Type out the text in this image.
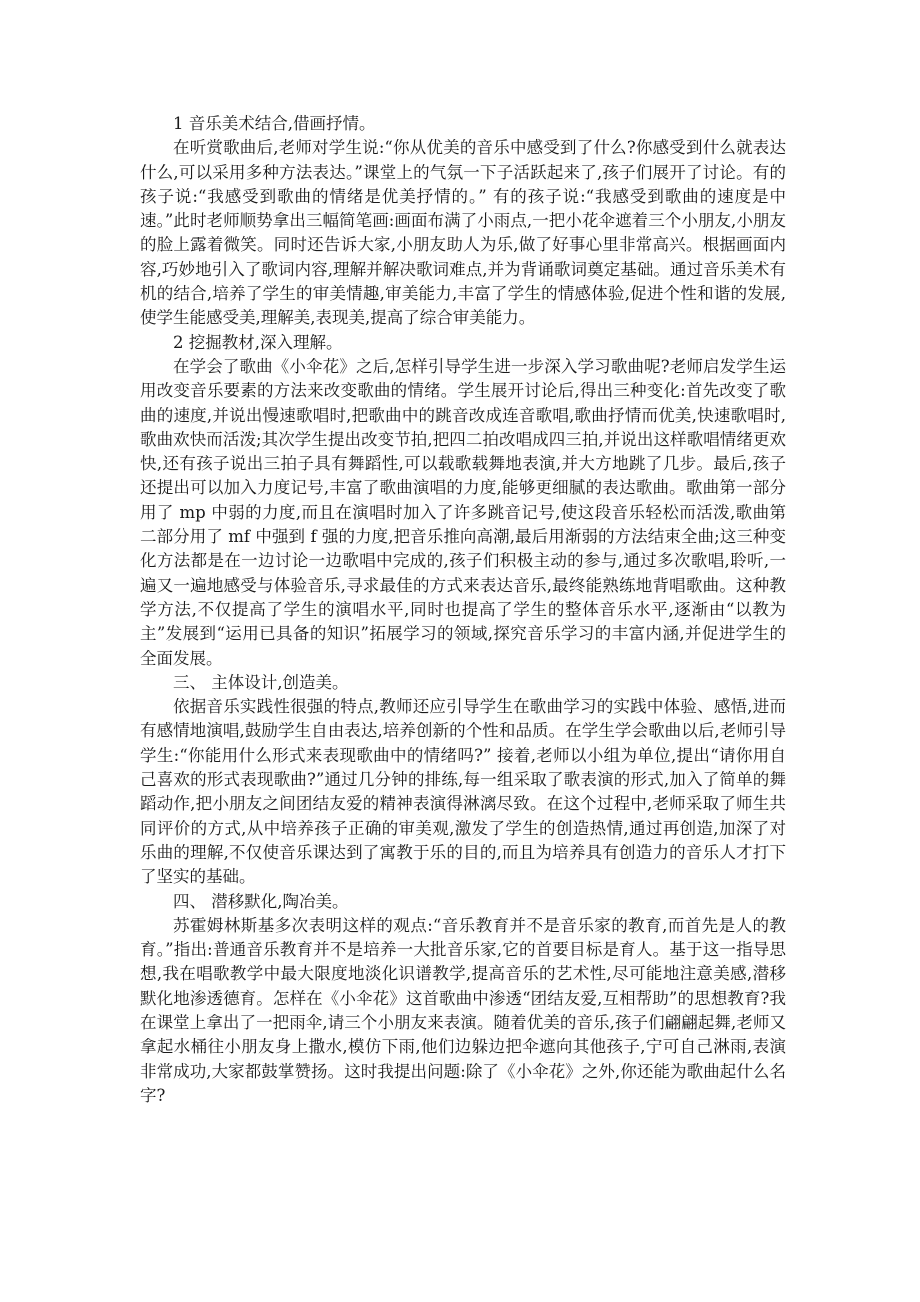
1 音乐美术结合,借画抒情。

在听赏歌曲后,老师对学生说:“你从优美的音乐中感受到了什么?你感受到什么就表达什么,可以采用多种方法表达。”课堂上的气氛一下子活跃起来了,孩子们展开了讨论。有的孩子说:“我感受到歌曲的情绪是优美抒情的。” 有的孩子说:“我感受到歌曲的速度是中速。”此时老师顺势拿出三幅简笔画:画面布满了小雨点,一把小花伞遮着三个小朋友,小朋友的脸上露着微笑。同时还告诉大家,小朋友助人为乐,做了好事心里非常高兴。根据画面内容,巧妙地引入了歌词内容,理解并解决歌词难点,并为背诵歌词奠定基础。通过音乐美术有机的结合,培养了学生的审美情趣,审美能力,丰富了学生的情感体验,促进个性和谐的发展,使学生能感受美,理解美,表现美,提高了综合审美能力。

2 挖掘教材,深入理解。

在学会了歌曲《小伞花》之后,怎样引导学生进一步深入学习歌曲呢?老师启发学生运用改变音乐要素的方法来改变歌曲的情绪。学生展开讨论后,得出三种变化:首先改变了歌曲的速度,并说出慢速歌唱时,把歌曲中的跳音改成连音歌唱,歌曲抒情而优美,快速歌唱时,歌曲欢快而活泼;其次学生提出改变节拍,把四二拍改唱成四三拍,并说出这样歌唱情绪更欢快,还有孩子说出三拍子具有舞蹈性,可以载歌载舞地表演,并大方地跳了几步。最后,孩子还提出可以加入力度记号,丰富了歌曲演唱的力度,能够更细腻的表达歌曲。歌曲第一部分用了 mp 中弱的力度,而且在演唱时加入了许多跳音记号,使这段音乐轻松而活泼,歌曲第二部分用了 mf 中强到 f 强的力度,把音乐推向高潮,最后用渐弱的方法结束全曲;这三种变化方法都是在一边讨论一边歌唱中完成的,孩子们积极主动的参与,通过多次歌唱,聆听,一遍又一遍地感受与体验音乐,寻求最佳的方式来表达音乐,最终能熟练地背唱歌曲。这种教学方法,不仅提高了学生的演唱水平,同时也提高了学生的整体音乐水平,逐渐由“以教为主”发展到“运用已具备的知识”拓展学习的领域,探究音乐学习的丰富内涵,并促进学生的全面发展。

三、 主体设计,创造美。

依据音乐实践性很强的特点,教师还应引导学生在歌曲学习的实践中体验、感悟,进而有感情地演唱,鼓励学生自由表达,培养创新的个性和品质。在学生学会歌曲以后,老师引导学生:“你能用什么形式来表现歌曲中的情绪吗?” 接着,老师以小组为单位,提出“请你用自己喜欢的形式表现歌曲?”通过几分钟的排练,每一组采取了歌表演的形式,加入了简单的舞蹈动作,把小朋友之间团结友爱的精神表演得淋漓尽致。在这个过程中,老师采取了师生共同评价的方式,从中培养孩子正确的审美观,激发了学生的创造热情,通过再创造,加深了对乐曲的理解,不仅使音乐课达到了寓教于乐的目的,而且为培养具有创造力的音乐人才打下了坚实的基础。

四、 潜移默化,陶冶美。

苏霍姆林斯基多次表明这样的观点:“音乐教育并不是音乐家的教育,而首先是人的教育。”指出:普通音乐教育并不是培养一大批音乐家,它的首要目标是育人。基于这一指导思想,我在唱歌教学中最大限度地淡化识谱教学,提高音乐的艺术性,尽可能地注意美感,潜移默化地渗透德育。怎样在《小伞花》这首歌曲中渗透“团结友爱,互相帮助”的思想教育?我在课堂上拿出了一把雨伞,请三个小朋友来表演。随着优美的音乐,孩子们翩翩起舞,老师又拿起水桶往小朋友身上撒水,模仿下雨,他们边躲边把伞遮向其他孩子,宁可自己淋雨,表演非常成功,大家都鼓掌赞扬。这时我提出问题:除了《小伞花》之外,你还能为歌曲起什么名字?
